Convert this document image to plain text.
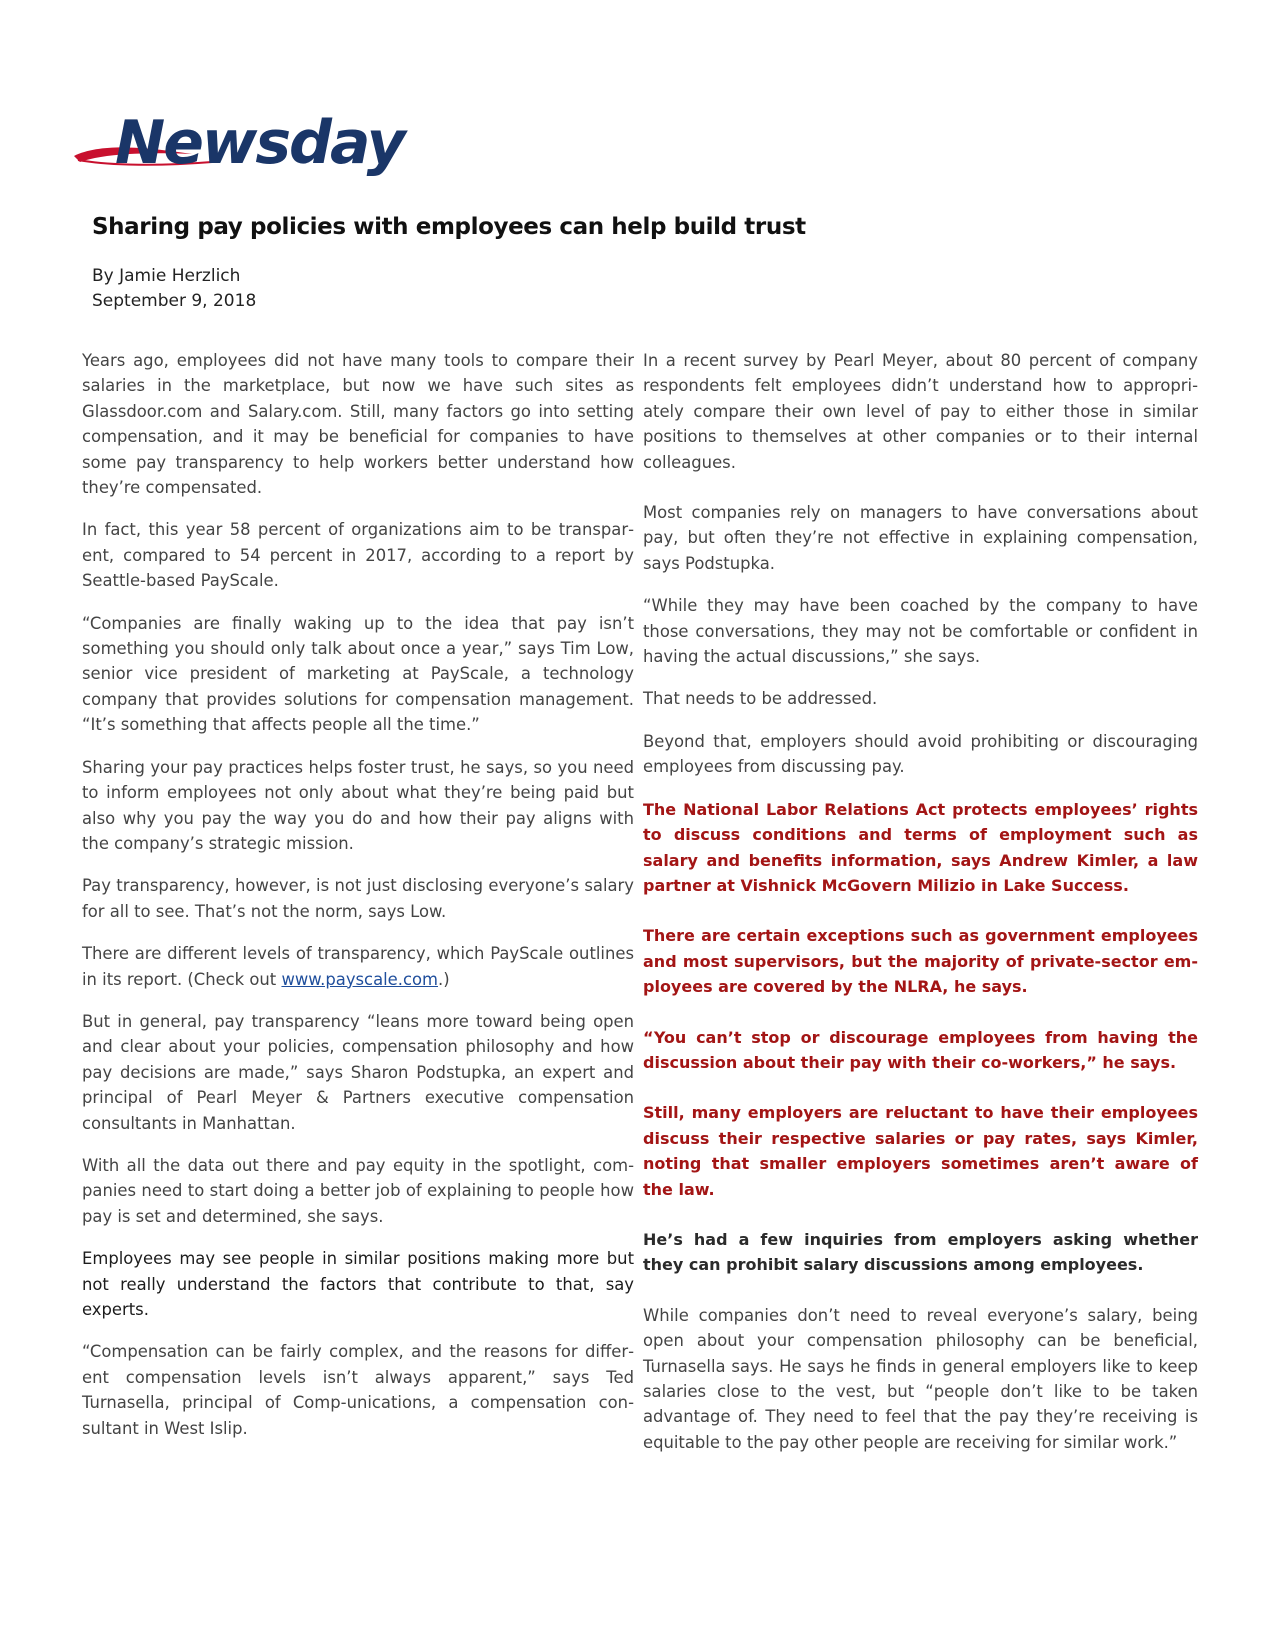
Newsday
Sharing pay policies with employees can help build trust
By Jamie Herzlich
September 9, 2018

Years ago, employees did not have many tools to compare their salaries in the marketplace, but now we have such sites as Glassdoor.com and Salary.com. Still, many factors go into setting compensation, and it may be beneficial for companies to have some pay transparency to help workers better understand how they’re compensated.

In fact, this year 58 percent of organizations aim to be transparent, compared to 54 percent in 2017, according to a report by Seattle-based PayScale.

“Companies are finally waking up to the idea that pay isn’t something you should only talk about once a year,” says Tim Low, senior vice president of marketing at PayScale, a technology company that provides solutions for compensation management. “It’s something that affects people all the time.”

Sharing your pay practices helps foster trust, he says, so you need to inform employees not only about what they’re being paid but also why you pay the way you do and how their pay aligns with the company’s strategic mission.

Pay transparency, however, is not just disclosing everyone’s salary for all to see. That’s not the norm, says Low.

There are different levels of transparency, which PayScale outlines in its report. (Check out www.payscale.com.)

But in general, pay transparency “leans more toward being open and clear about your policies, compensation philosophy and how pay decisions are made,” says Sharon Podstupka, an expert and principal of Pearl Meyer & Partners executive compensation consultants in Manhattan.

With all the data out there and pay equity in the spotlight, companies need to start doing a better job of explaining to people how pay is set and determined, she says.

Employees may see people in similar positions making more but not really understand the factors that contribute to that, say experts.

“Compensation can be fairly complex, and the reasons for different compensation levels isn’t always apparent,” says Ted Turnasella, principal of Comp-unications, a compensation consultant in West Islip.

In a recent survey by Pearl Meyer, about 80 percent of company respondents felt employees didn’t understand how to appropriately compare their own level of pay to either those in similar positions to themselves at other companies or to their internal colleagues.

Most companies rely on managers to have conversations about pay, but often they’re not effective in explaining compensation, says Podstupka.

“While they may have been coached by the company to have those conversations, they may not be comfortable or confident in having the actual discussions,” she says.

That needs to be addressed.

Beyond that, employers should avoid prohibiting or discouraging employees from discussing pay.

The National Labor Relations Act protects employees’ rights to discuss conditions and terms of employment such as salary and benefits information, says Andrew Kimler, a law partner at Vishnick McGovern Milizio in Lake Success.

There are certain exceptions such as government employees and most supervisors, but the majority of private-sector employees are covered by the NLRA, he says.

“You can’t stop or discourage employees from having the discussion about their pay with their co-workers,” he says.

Still, many employers are reluctant to have their employees discuss their respective salaries or pay rates, says Kimler, noting that smaller employers sometimes aren’t aware of the law.

He’s had a few inquiries from employers asking whether they can prohibit salary discussions among employees.

While companies don’t need to reveal everyone’s salary, being open about your compensation philosophy can be beneficial, Turnasella says. He says he finds in general employers like to keep salaries close to the vest, but “people don’t like to be taken advantage of. They need to feel that the pay they’re receiving is equitable to the pay other people are receiving for similar work.”
